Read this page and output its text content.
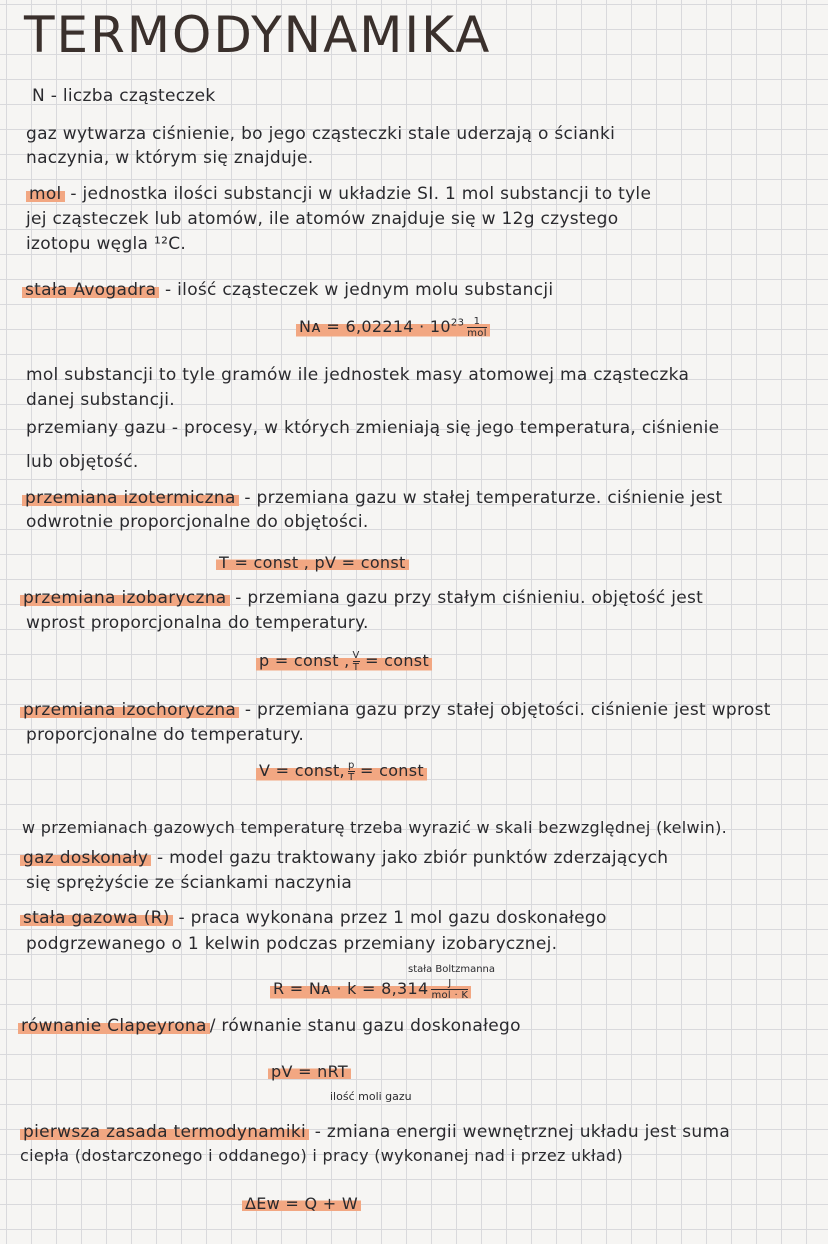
TERMODYNAMIKA
N - liczba cząsteczek
gaz wytwarza ciśnienie, bo jego cząsteczki stale uderzają o ścianki
naczynia, w którym się znajduje.
mol - jednostka ilości substancji w układzie SI. 1 mol substancji to tyle
jej cząsteczek lub atomów, ile atomów znajduje się w 12g czystego
izotopu węgla ¹²C.
stała Avogadra - ilość cząsteczek w jednym molu substancji
Nᴀ = $6,02214 \cdot 10^{23} \frac{1}{\text{mol}}$
mol substancji to tyle gramów ile jednostek masy atomowej ma cząsteczka
danej substancji.
przemiany gazu - procesy, w których zmieniają się jego temperatura, ciśnienie
lub objętość.
przemiana izotermiczna - przemiana gazu w stałej temperaturze. ciśnienie jest
odwrotnie proporcjonalne do objętości.
T = const , pV = const
przemiana izobaryczna - przemiana gazu przy stałym ciśnieniu. objętość jest
wprost proporcjonalna do temperatury.
p = const , $\frac{V}{T}$ = const
przemiana izochoryczna - przemiana gazu przy stałej objętości. ciśnienie jest wprost
proporcjonalne do temperatury.
V = const, $\frac{p}{T}$ = const
w przemianach gazowych temperaturę trzeba wyrazić w skali bezwzględnej (kelwin).
gaz doskonały - model gazu traktowany jako zbiór punktów zderzających
się sprężyście ze ściankami naczynia
stała gazowa (R) - praca wykonana przez 1 mol gazu doskonałego
podgrzewanego o 1 kelwin podczas przemiany izobarycznej.
stała Boltzmanna
R = Nᴀ · $k = 8,314 \frac{J}{\text{mol · K}}$
równanie Clapeyrona / równanie stanu gazu doskonałego
pV = nRT
ilość moli gazu
pierwsza zasada termodynamiki - zmiana energii wewnętrznej układu jest suma
ciepła (dostarczonego i oddanego) i pracy (wykonanej nad i przez układ)
ΔEw = Q + W
